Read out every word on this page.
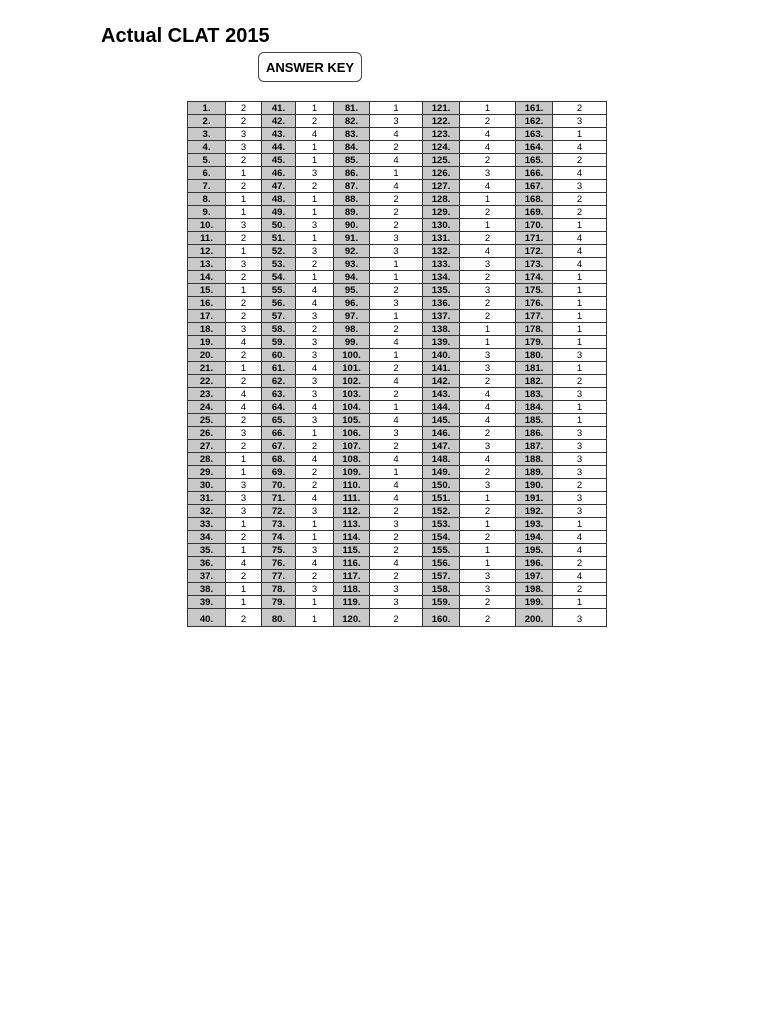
Actual CLAT 2015
ANSWER KEY
1.	2	41.	1	81.	1	121.	1	161.	2
2.	2	42.	2	82.	3	122.	2	162.	3
3.	3	43.	4	83.	4	123.	4	163.	1
4.	3	44.	1	84.	2	124.	4	164.	4
5.	2	45.	1	85.	4	125.	2	165.	2
6.	1	46.	3	86.	1	126.	3	166.	4
7.	2	47.	2	87.	4	127.	4	167.	3
8.	1	48.	1	88.	2	128.	1	168.	2
9.	1	49.	1	89.	2	129.	2	169.	2
10.	3	50.	3	90.	2	130.	1	170.	1
11.	2	51.	1	91.	3	131.	2	171.	4
12.	1	52.	3	92.	3	132.	4	172.	4
13.	3	53.	2	93.	1	133.	3	173.	4
14.	2	54.	1	94.	1	134.	2	174.	1
15.	1	55.	4	95.	2	135.	3	175.	1
16.	2	56.	4	96.	3	136.	2	176.	1
17.	2	57.	3	97.	1	137.	2	177.	1
18.	3	58.	2	98.	2	138.	1	178.	1
19.	4	59.	3	99.	4	139.	1	179.	1
20.	2	60.	3	100.	1	140.	3	180.	3
21.	1	61.	4	101.	2	141.	3	181.	1
22.	2	62.	3	102.	4	142.	2	182.	2
23.	4	63.	3	103.	2	143.	4	183.	3
24.	4	64.	4	104.	1	144.	4	184.	1
25.	2	65.	3	105.	4	145.	4	185.	1
26.	3	66.	1	106.	3	146.	2	186.	3
27.	2	67.	2	107.	2	147.	3	187.	3
28.	1	68.	4	108.	4	148.	4	188.	3
29.	1	69.	2	109.	1	149.	2	189.	3
30.	3	70.	2	110.	4	150.	3	190.	2
31.	3	71.	4	111.	4	151.	1	191.	3
32.	3	72.	3	112.	2	152.	2	192.	3
33.	1	73.	1	113.	3	153.	1	193.	1
34.	2	74.	1	114.	2	154.	2	194.	4
35.	1	75.	3	115.	2	155.	1	195.	4
36.	4	76.	4	116.	4	156.	1	196.	2
37.	2	77.	2	117.	2	157.	3	197.	4
38.	1	78.	3	118.	3	158.	3	198.	2
39.	1	79.	1	119.	3	159.	2	199.	1
40.	2	80.	1	120.	2	160.	2	200.	3
